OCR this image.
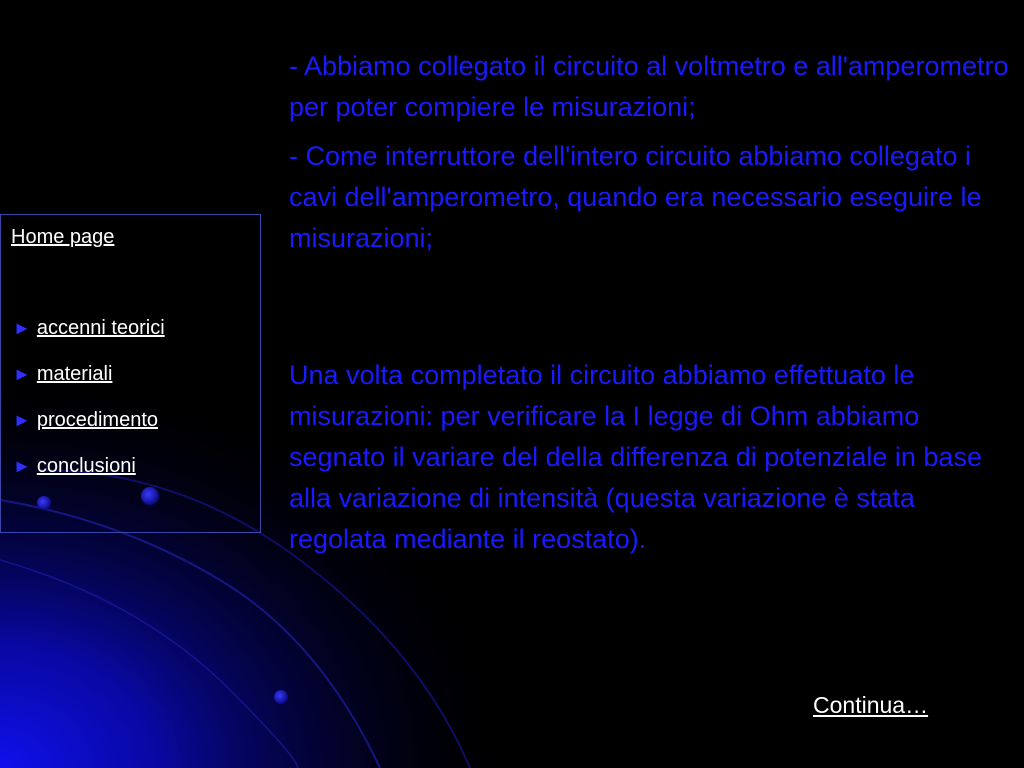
Home page
► accenni teorici
► materiali
► procedimento
► conclusioni

- Abbiamo collegato il circuito al voltmetro e all'amperometro per poter compiere le misurazioni;

- Come interruttore dell'intero circuito abbiamo collegato i cavi dell'amperometro, quando era necessario eseguire le misurazioni;

Una volta completato il circuito abbiamo effettuato le misurazioni: per verificare la I legge di Ohm abbiamo segnato il variare del della differenza di potenziale in base alla variazione di intensità (questa variazione è stata regolata mediante il reostato).

Continua…
